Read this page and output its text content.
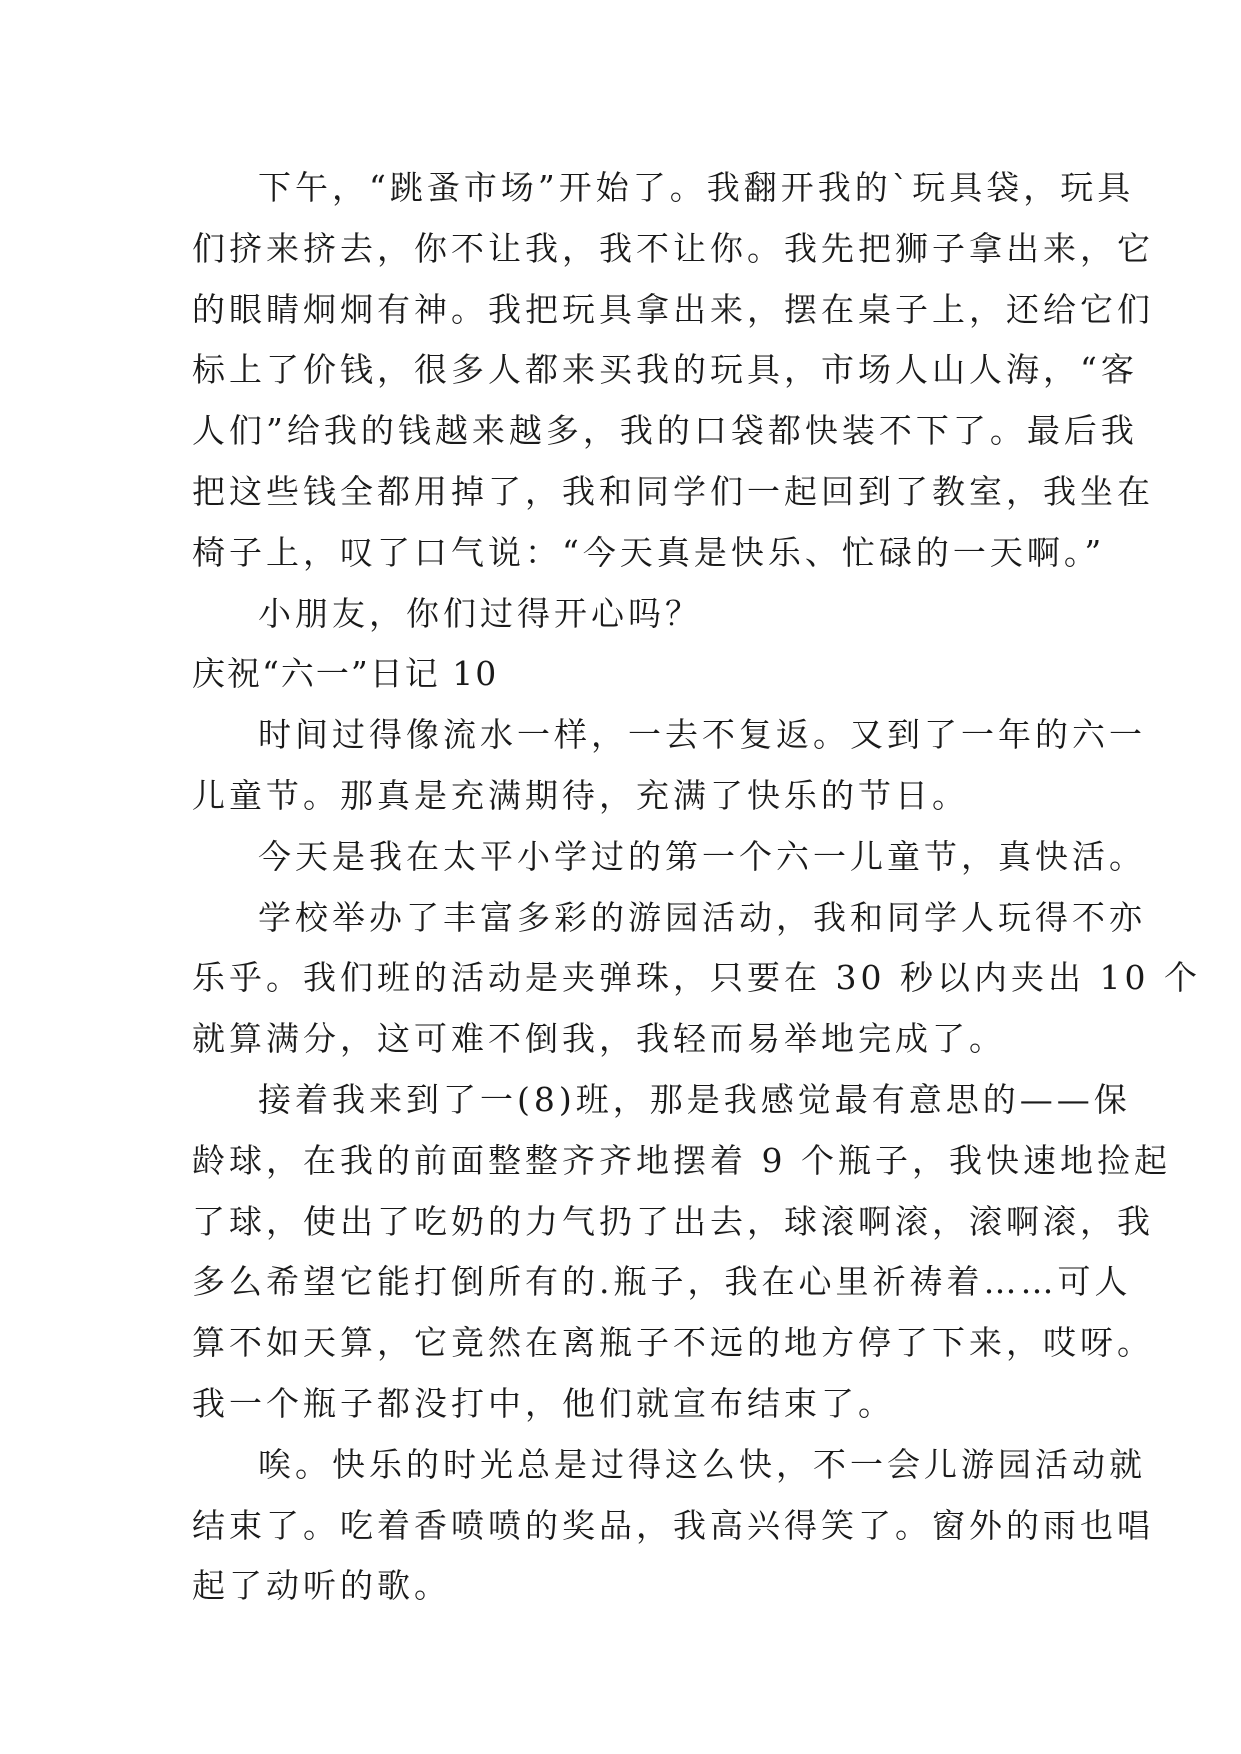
下午，“跳蚤市场”开始了。我翻开我的`玩具袋，玩具
们挤来挤去，你不让我，我不让你。我先把狮子拿出来，它
的眼睛炯炯有神。我把玩具拿出来，摆在桌子上，还给它们
标上了价钱，很多人都来买我的玩具，市场人山人海，“客
人们”给我的钱越来越多，我的口袋都快装不下了。最后我
把这些钱全都用掉了，我和同学们一起回到了教室，我坐在
椅子上，叹了口气说：“今天真是快乐、忙碌的一天啊。”
小朋友，你们过得开心吗？
庆祝“六一”日记 10
时间过得像流水一样，一去不复返。又到了一年的六一
儿童节。那真是充满期待，充满了快乐的节日。
今天是我在太平小学过的第一个六一儿童节，真快活。
学校举办了丰富多彩的游园活动，我和同学人玩得不亦
乐乎。我们班的活动是夹弹珠，只要在 30 秒以内夹出 10 个
就算满分，这可难不倒我，我轻而易举地完成了。
接着我来到了一(8)班，那是我感觉最有意思的——保
龄球，在我的前面整整齐齐地摆着 9 个瓶子，我快速地捡起
了球，使出了吃奶的力气扔了出去，球滚啊滚，滚啊滚，我
多么希望它能打倒所有的.瓶子，我在心里祈祷着……可人
算不如天算，它竟然在离瓶子不远的地方停了下来，哎呀。
我一个瓶子都没打中，他们就宣布结束了。
唉。快乐的时光总是过得这么快，不一会儿游园活动就
结束了。吃着香喷喷的奖品，我高兴得笑了。窗外的雨也唱
起了动听的歌。
